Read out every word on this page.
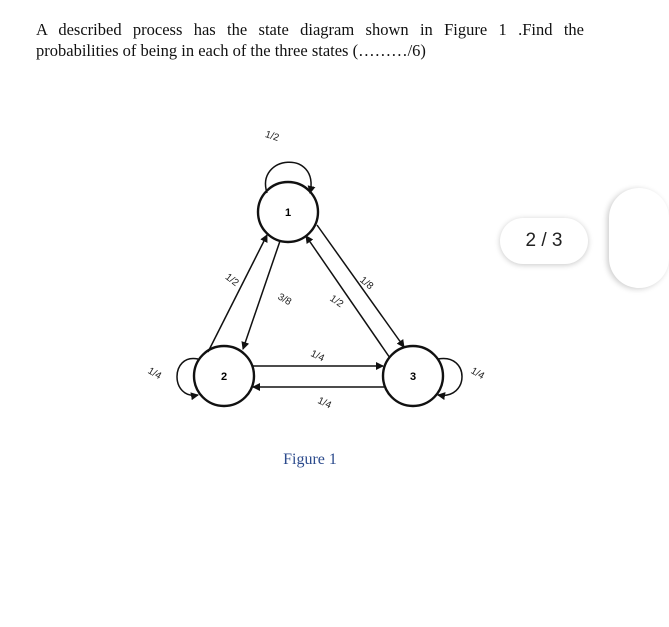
A described process has the state diagram shown in Figure 1 .Find the probabilities of being in each of the three states (………/6)
1
2	3
1/2
1/2
3/8	1/2
1/8
1/4
1/4
1/4	1/4
Figure 1
2 / 3
